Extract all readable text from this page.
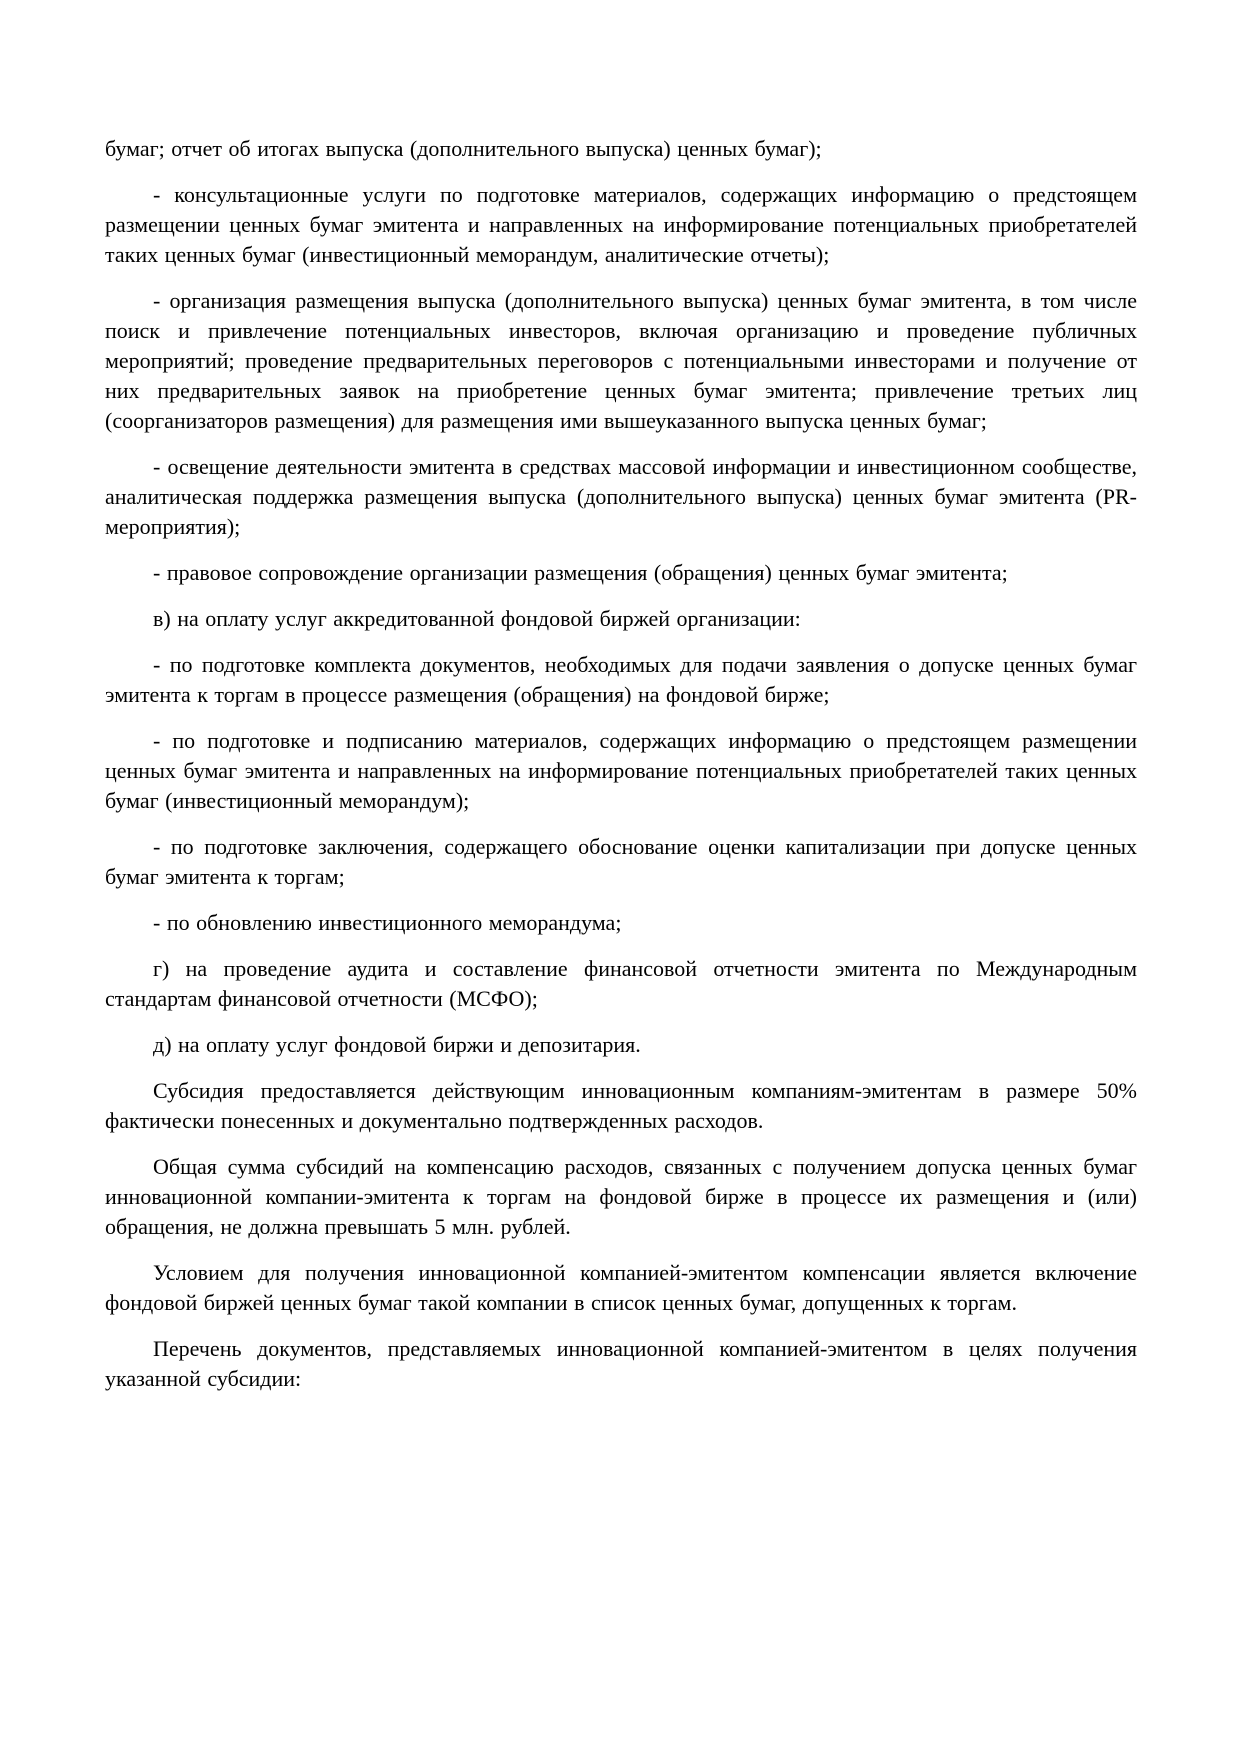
бумаг; отчет об итогах выпуска (дополнительного выпуска) ценных бумаг);

- консультационные услуги по подготовке материалов, содержащих информацию о предстоящем размещении ценных бумаг эмитента и направленных на информирование потенциальных приобретателей таких ценных бумаг (инвестиционный меморандум, аналитические отчеты);

- организация размещения выпуска (дополнительного выпуска) ценных бумаг эмитента, в том числе поиск и привлечение потенциальных инвесторов, включая организацию и проведение публичных мероприятий; проведение предварительных переговоров с потенциальными инвесторами и получение от них предварительных заявок на приобретение ценных бумаг эмитента; привлечение третьих лиц (соорганизаторов размещения) для размещения ими вышеуказанного выпуска ценных бумаг;

- освещение деятельности эмитента в средствах массовой информации и инвестиционном сообществе, аналитическая поддержка размещения выпуска (дополнительного выпуска) ценных бумаг эмитента (PR-мероприятия);

- правовое сопровождение организации размещения (обращения) ценных бумаг эмитента;

в) на оплату услуг аккредитованной фондовой биржей организации:

- по подготовке комплекта документов, необходимых для подачи заявления о допуске ценных бумаг эмитента к торгам в процессе размещения (обращения) на фондовой бирже;

- по подготовке и подписанию материалов, содержащих информацию о предстоящем размещении ценных бумаг эмитента и направленных на информирование потенциальных приобретателей таких ценных бумаг (инвестиционный меморандум);

- по подготовке заключения, содержащего обоснование оценки капитализации при допуске ценных бумаг эмитента к торгам;

- по обновлению инвестиционного меморандума;

г) на проведение аудита и составление финансовой отчетности эмитента по Международным стандартам финансовой отчетности (МСФО);

д) на оплату услуг фондовой биржи и депозитария.

Субсидия предоставляется действующим инновационным компаниям-эмитентам в размере 50% фактически понесенных и документально подтвержденных расходов.

Общая сумма субсидий на компенсацию расходов, связанных с получением допуска ценных бумаг инновационной компании-эмитента к торгам на фондовой бирже в процессе их размещения и (или) обращения, не должна превышать 5 млн. рублей.

Условием для получения инновационной компанией-эмитентом компенсации является включение фондовой биржей ценных бумаг такой компании в список ценных бумаг, допущенных к торгам.

Перечень документов, представляемых инновационной компанией-эмитентом в целях получения указанной субсидии:
